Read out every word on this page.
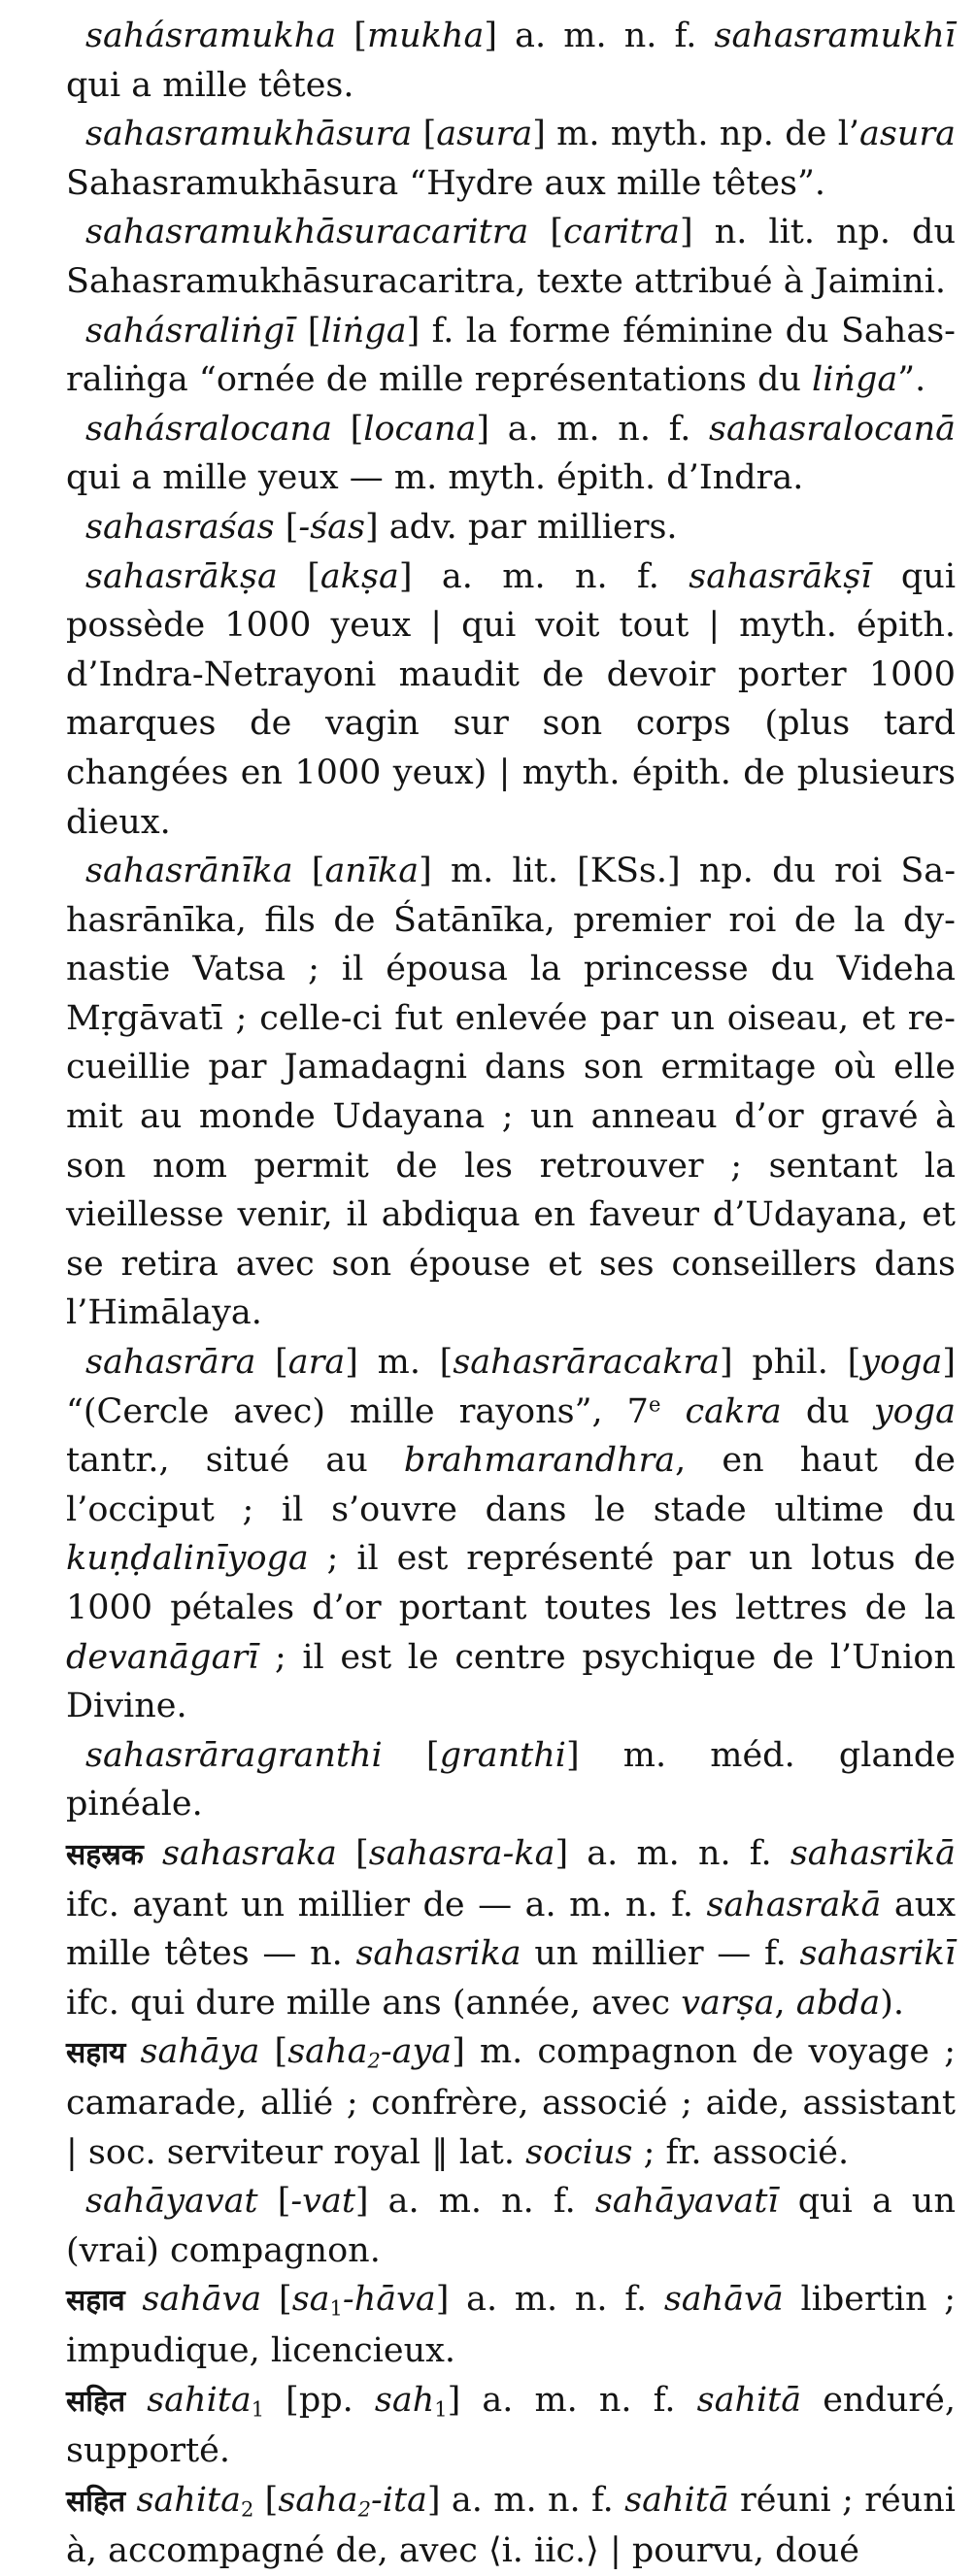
sahásramukha [mukha] a. m. n. f. sahasramukhī qui a mille têtes.

sahasramukhāsura [asura] m. myth. np. de l’asura Sahasramukhāsura “Hydre aux mille têtes”.

sahasramukhāsuracaritra [caritra] n. lit. np. du Sahasramukhāsuracaritra, texte attribué à Jaimini.

sahásraliṅgī [liṅga] f. la forme féminine du Sahasraliṅga “ornée de mille représentations du liṅga”.

sahásralocana [locana] a. m. n. f. sahasralocanā qui a mille yeux — m. myth. épith. d’Indra.

sahasraśas [-śas] adv. par milliers.

sahasrākṣa [akṣa] a. m. n. f. sahasrākṣī qui possède 1000 yeux | qui voit tout | myth. épith. d’Indra-Netrayoni maudit de devoir porter 1000 marques de vagin sur son corps (plus tard changées en 1000 yeux) | myth. épith. de plusieurs dieux.

sahasrānīka [anīka] m. lit. [KSs.] np. du roi Sahasrānīka, fils de Śatānīka, premier roi de la dynastie Vatsa ; il épousa la princesse du Videha Mṛgāvatī ; celle-ci fut enlevée par un oiseau, et recueillie par Jamadagni dans son ermitage où elle mit au monde Udayana ; un anneau d’or gravé à son nom permit de les retrouver ; sentant la vieillesse venir, il abdiqua en faveur d’Udayana, et se retira avec son épouse et ses conseillers dans l’Himālaya.

sahasrāra [ara] m. [sahasrāracakra] phil. [yoga] “(Cercle avec) mille rayons”, 7e cakra du yoga tantr., situé au brahmarandhra, en haut de l’occiput ; il s’ouvre dans le stade ultime du kuṇḍalinīyoga ; il est représenté par un lotus de 1000 pétales d’or portant toutes les lettres de la devanāgarī ; il est le centre psychique de l’Union Divine.

sahasrāragranthi [granthi] m. méd. glande pinéale.

सहस्रक sahasraka [sahasra-ka] a. m. n. f. sahasrikā ifc. ayant un millier de — a. m. n. f. sahasrakā aux mille têtes — n. sahasrika un millier — f. sahasrikī ifc. qui dure mille ans (année, avec varṣa, abda).

सहाय sahāya [saha$_2$-aya] m. compagnon de voyage ; camarade, allié ; confrère, associé ; aide, assistant | soc. serviteur royal ‖ lat. socius ; fr. associé.

sahāyavat [-vat] a. m. n. f. sahāyavatī qui a un (vrai) compagnon.

सहाव sahāva $[sa_1-hāva]$ a. m. n. f. sahāvā libertin ; impudique, licencieux.

सहित sahita$_1$ [pp. sah$_1$] a. m. n. f. sahitā enduré, supporté.

सहित sahita$_2$ [saha$_2$-ita] a. m. n. f. sahitā réuni ; réuni à, accompagné de, avec ⟨i. iic.⟩ | pourvu, doué
